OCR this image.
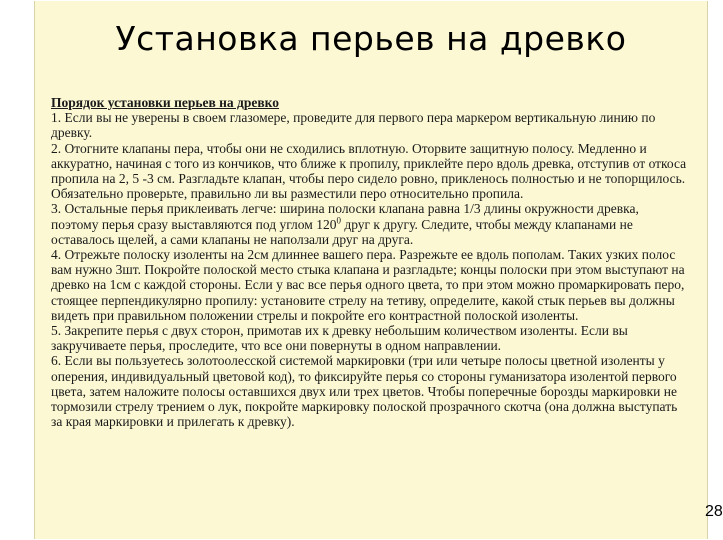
Установка перьев на древко
Порядок установки перьев на древко

1. Если вы не уверены в своем глазомере, проведите для первого пера маркером вертикальную линию по древку.

2. Отогните клапаны пера, чтобы они не сходились вплотную. Оторвите защитную полосу. Медленно и аккуратно, начиная с того из кончиков, что ближе к пропилу, приклейте перо вдоль древка, отступив от откоса пропила на 2, 5 -3 см. Разгладьте клапан, чтобы перо сидело ровно, прикленось полностью и не топорщилось. Обязательно проверьте, правильно ли вы разместили перо относительно пропила.

3. Остальные перья приклеивать легче: ширина полоски клапана равна 1/3 длины окружности древка, поэтому перья сразу выставляются под углом $120^0$ друг к другу. Следите, чтобы между клапанами не оставалось щелей, а сами клапаны не наползали друг на друга.

4. Отрежьте полоску изоленты на 2см длиннее вашего пера. Разрежьте ее вдоль пополам. Таких узких полос вам нужно 3шт. Покройте полоской место стыка клапана и разгладьте; концы полоски при этом выступают на древко на 1см с каждой стороны. Если у вас все перья одного цвета, то при этом можно промаркировать перо, стоящее перпендикулярно пропилу: установите стрелу на тетиву, определите, какой стык перьев вы должны видеть при правильном положении стрелы и покройте его контрастной полоской изоленты.

5. Закрепите перья с двух сторон, примотав их к древку небольшим количеством изоленты. Если вы закручиваете перья, проследите, что все они повернуты в одном направлении.

6. Если вы пользуетесь золотоолесской системой маркировки (три или четыре полосы цветной изоленты у оперения, индивидуальный цветовой код), то фиксируйте перья со стороны гуманизатора изолентой первого цвета, затем наложите полосы оставшихся двух или трех цветов. Чтобы поперечные борозды маркировки не тормозили стрелу трением о лук, покройте маркировку полоской прозрачного скотча (она должна выступать за края маркировки и прилегать к древку).

28
